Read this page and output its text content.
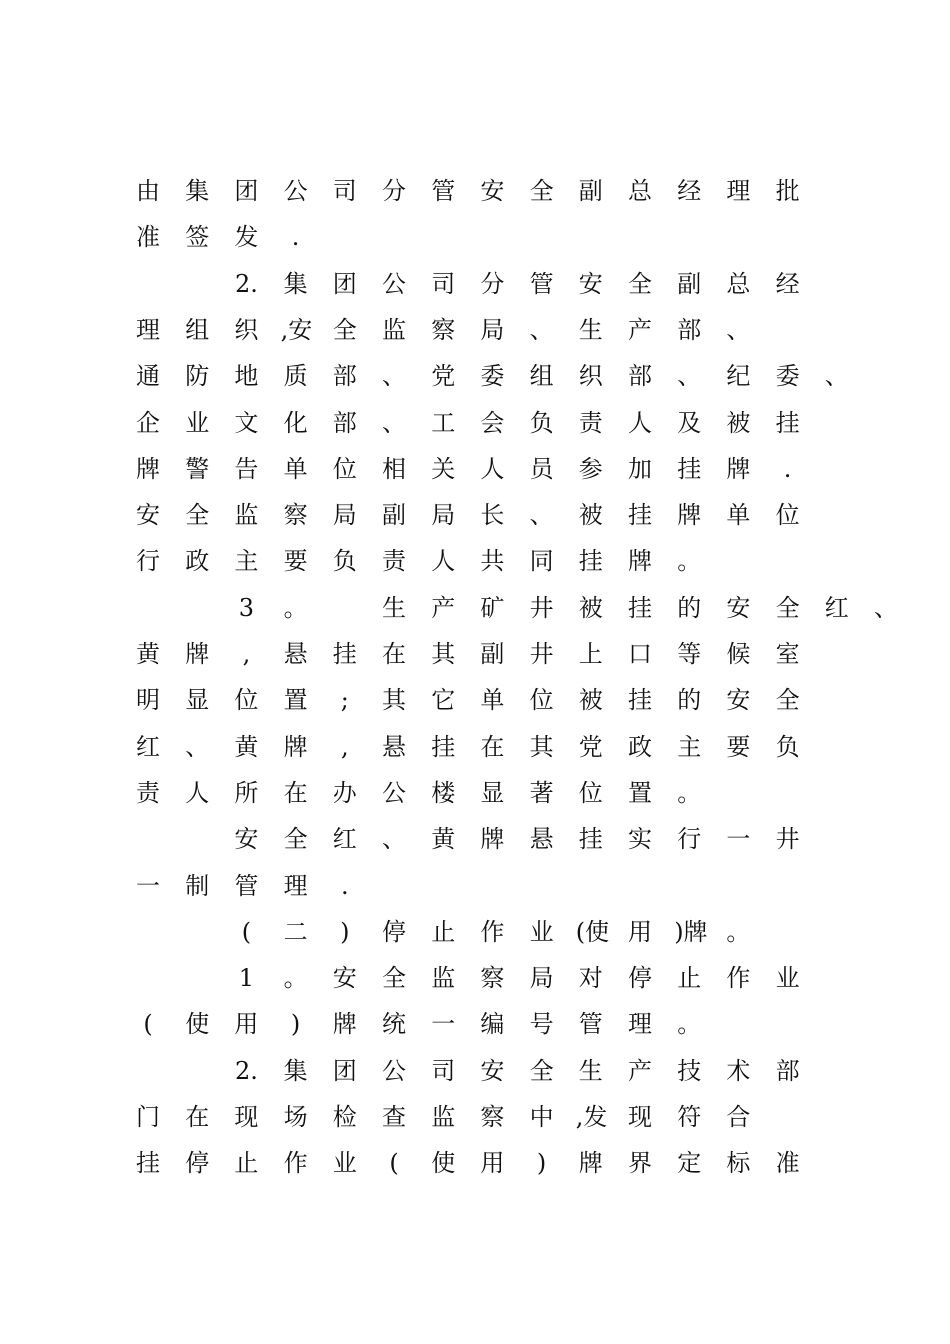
由 集 团 公 司 分 管 安 全 副 总 经 理 批
准 签 发	.
2. 集 团 公 司 分 管 安 全 副 总 经
理 组 织 ,安 全 监 察 局 、 生 产 部 、
通 防 地 质 部 、 党 委 组 织 部 、 纪 委 、
企 业 文 化 部 、 工 会 负 责 人 及 被 挂
牌 警 告 单 位 相 关 人 员 参 加 挂 牌	.
安 全 监 察 局 副 局 长 、 被 挂 牌 单 位
行 政 主 要 负 责 人 共 同 挂 牌 。
3	。	生 产 矿 井 被 挂 的 安 全 红 、
黄 牌	,	悬 挂 在 其 副 井 上 口 等 候 室
明 显 位 置	;	其 它 单 位 被 挂 的 安 全
红 、 黄 牌	,	悬 挂 在 其 党 政 主 要 负
责 人 所 在 办 公 楼 显 著 位 置 。
安 全 红 、 黄 牌 悬 挂 实 行 一 井
一 制 管 理	.
(	二	)	停 止 作 业 (使 用 )牌 。
1	。 安 全 监 察 局 对 停 止 作 业
(	使 用	)	牌 统 一 编 号 管 理 。
2. 集 团 公 司 安 全 生 产 技 术 部
门 在 现 场 检 查 监 察 中 ,发 现 符 合
挂 停 止 作 业	(	使 用	)	牌 界 定 标 准
